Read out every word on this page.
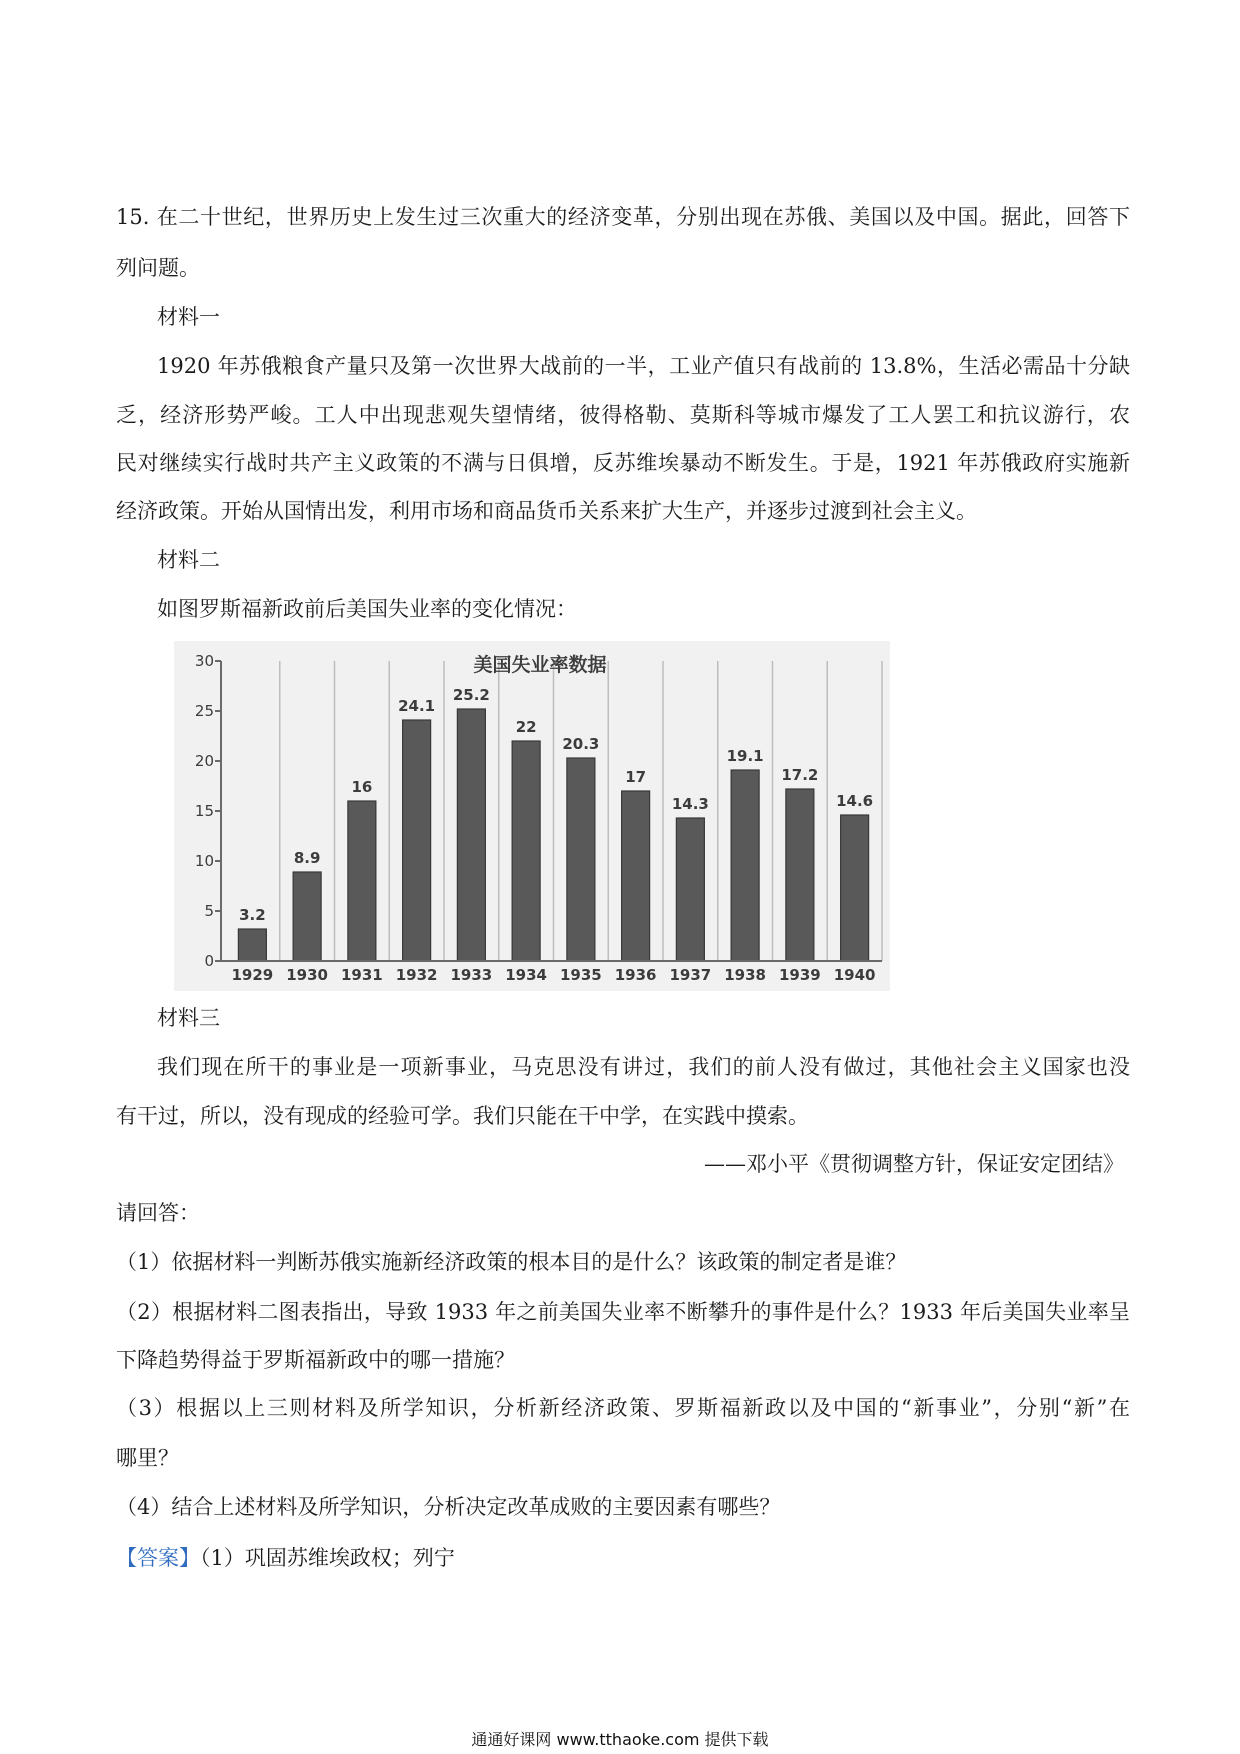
15. 在二十世纪，世界历史上发生过三次重大的经济变革，分别出现在苏俄、美国以及中国。据此，回答下
列问题。
材料一
1920 年苏俄粮食产量只及第一次世界大战前的一半，工业产值只有战前的 13.8%，生活必需品十分缺
乏，经济形势严峻。工人中出现悲观失望情绪，彼得格勒、莫斯科等城市爆发了工人罢工和抗议游行，农
民对继续实行战时共产主义政策的不满与日俱增，反苏维埃暴动不断发生。于是，1921 年苏俄政府实施新
经济政策。开始从国情出发，利用市场和商品货币关系来扩大生产，并逐步过渡到社会主义。
材料二
如图罗斯福新政前后美国失业率的变化情况：
0
5
10
15
20
25
30
3.2
1929
8.9
1930
16
1931
24.1
1932
25.2
1933
22
1934
20.3
1935
17
1936
14.3
1937
19.1
1938
17.2
1939
14.6
1940
美国失业率数据
材料三
我们现在所干的事业是一项新事业，马克思没有讲过，我们的前人没有做过，其他社会主义国家也没
有干过，所以，没有现成的经验可学。我们只能在干中学，在实践中摸索。
——邓小平《贯彻调整方针，保证安定团结》
请回答：
（1）依据材料一判断苏俄实施新经济政策的根本目的是什么？该政策的制定者是谁？
（2）根据材料二图表指出，导致 1933 年之前美国失业率不断攀升的事件是什么？1933 年后美国失业率呈
下降趋势得益于罗斯福新政中的哪一措施？
（3）根据以上三则材料及所学知识，分析新经济政策、罗斯福新政以及中国的“新事业”，分别“新”在
哪里？
（4）结合上述材料及所学知识，分析决定改革成败的主要因素有哪些？
【答案】（1）巩固苏维埃政权；列宁
通通好课网 www.tthaoke.com 提供下载
